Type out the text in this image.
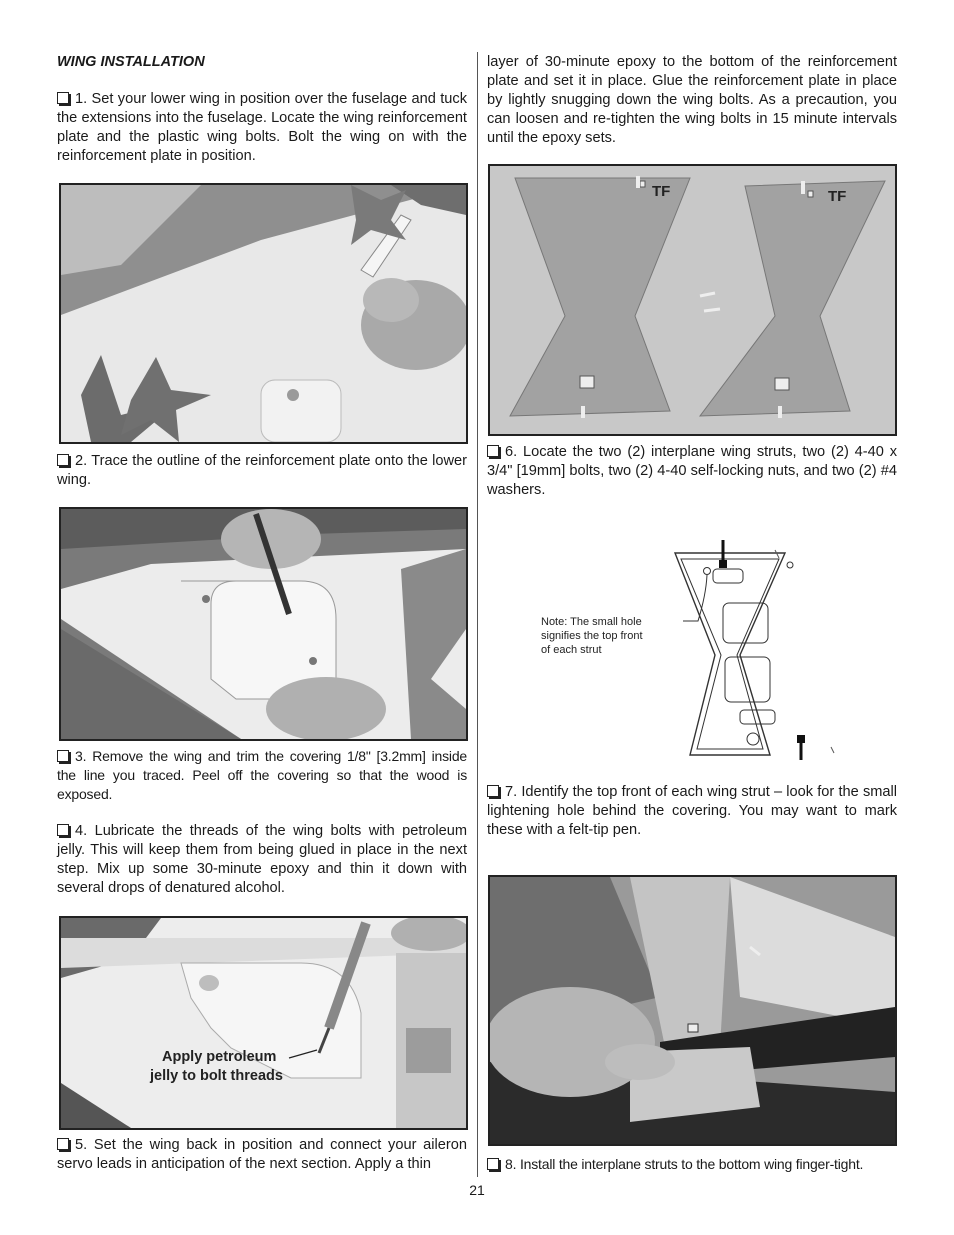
WING INSTALLATION

1. Set your lower wing in position over the fuselage and tuck the extensions into the fuselage. Locate the wing reinforcement plate and the plastic wing bolts. Bolt the wing on with the reinforcement plate in position.

2. Trace the outline of the reinforcement plate onto the lower wing.

3. Remove the wing and trim the covering 1/8" [3.2mm] inside the line you traced. Peel off the covering so that the wood is exposed.

4. Lubricate the threads of the wing bolts with petroleum jelly. This will keep them from being glued in place in the next step. Mix up some 30-minute epoxy and thin it down with several drops of denatured alcohol.

Apply petroleum
jelly to bolt threads

5. Set the wing back in position and connect your aileron servo leads in anticipation of the next section. Apply a thin

layer of 30-minute epoxy to the bottom of the reinforcement plate and set it in place. Glue the reinforcement plate in place by lightly snugging down the wing bolts. As a precaution, you can loosen and re-tighten the wing bolts in 15 minute intervals until the epoxy sets.

TF	TF

6. Locate the two (2) interplane wing struts, two (2) 4-40 x 3/4" [19mm] bolts, two (2) 4-40 self-locking nuts, and two (2) #4 washers.

Note: The small hole
signifies the top front
of each strut

7. Identify the top front of each wing strut – look for the small lightening hole behind the covering. You may want to mark these with a felt-tip pen.

8. Install the interplane struts to the bottom wing finger-tight.

21
